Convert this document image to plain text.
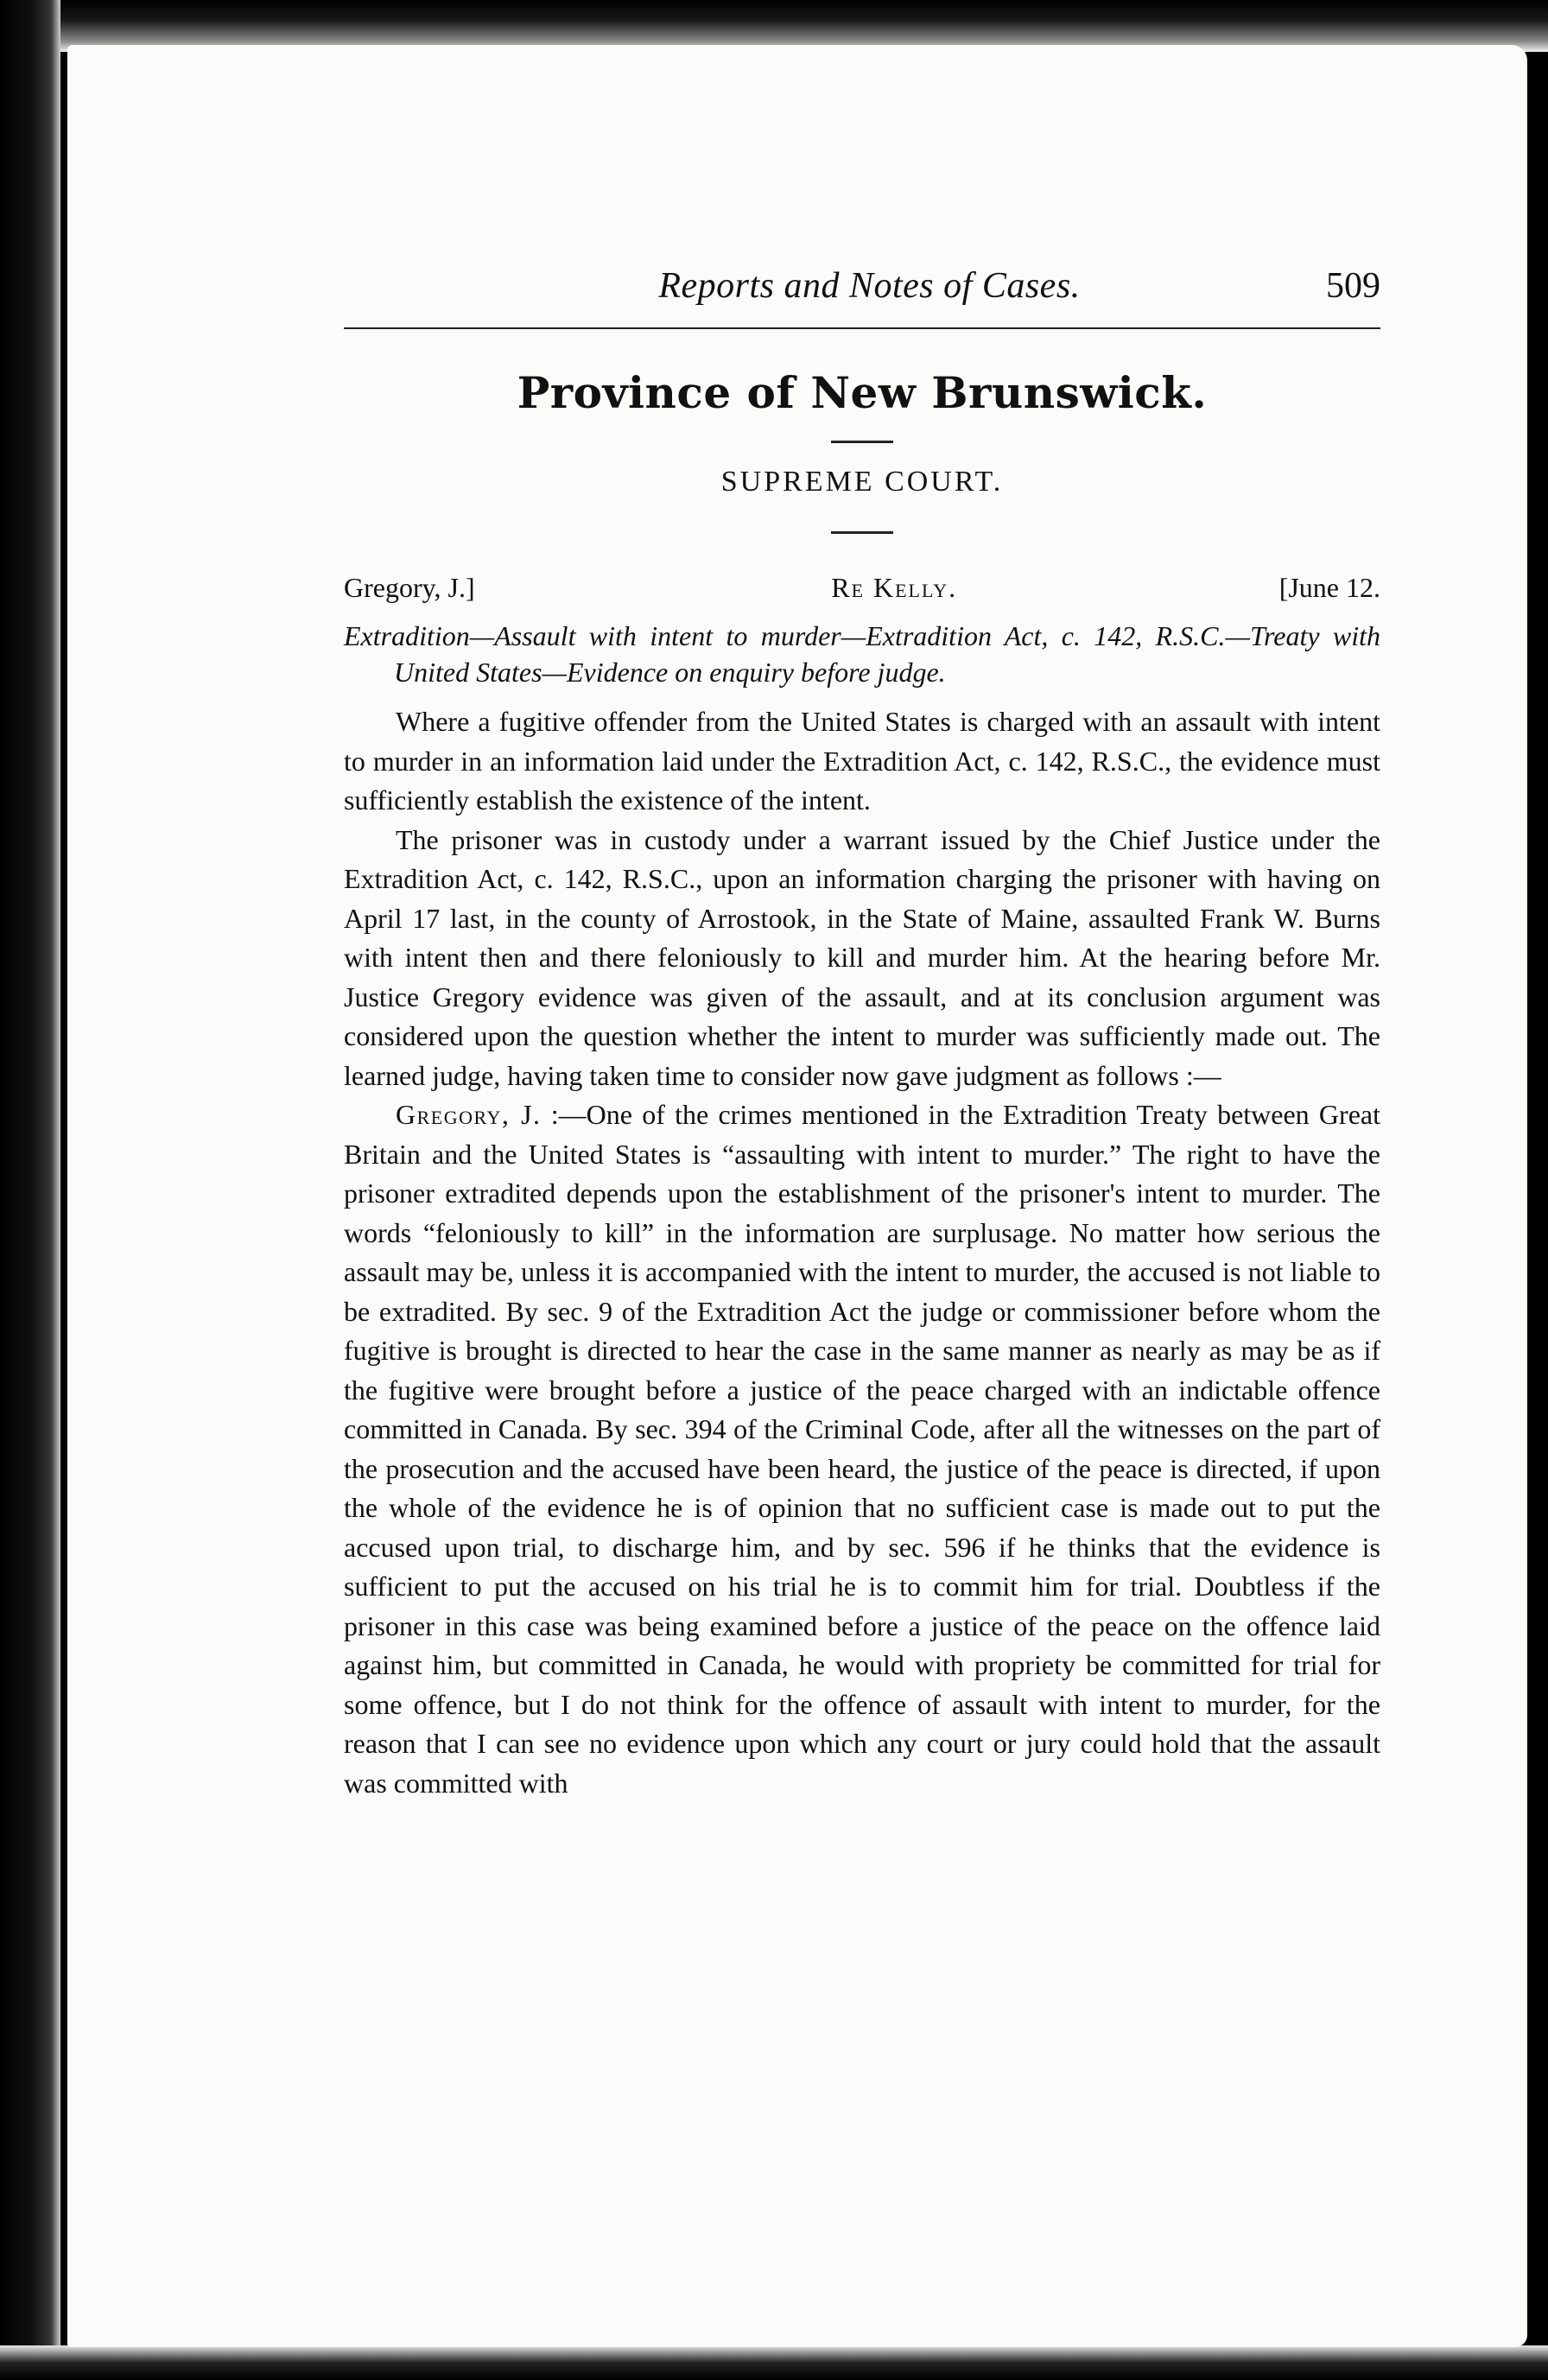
Reports and Notes of Cases.	509
Province of New Brunswick.
SUPREME COURT.
Gregory, J.]	Re Kelly.	[June 12.
Extradition—Assault with intent to murder—Extradition Act, c. 142, R.S.C.—Treaty with United States—Evidence on enquiry before judge.

Where a fugitive offender from the United States is charged with an assault with intent to murder in an information laid under the Extradition Act, c. 142, R.S.C., the evidence must sufficiently establish the existence of the intent.

The prisoner was in custody under a warrant issued by the Chief Justice under the Extradition Act, c. 142, R.S.C., upon an information charging the prisoner with having on April 17 last, in the county of Arrostook, in the State of Maine, assaulted Frank W. Burns with intent then and there feloniously to kill and murder him. At the hearing before Mr. Justice Gregory evidence was given of the assault, and at its conclusion argument was considered upon the question whether the intent to murder was sufficiently made out. The learned judge, having taken time to consider now gave judgment as follows :—

Gregory, J. :—One of the crimes mentioned in the Extradition Treaty between Great Britain and the United States is “assaulting with intent to murder.” The right to have the prisoner extradited depends upon the establishment of the prisoner's intent to murder. The words “feloniously to kill” in the information are surplusage. No matter how serious the assault may be, unless it is accompanied with the intent to murder, the accused is not liable to be extradited. By sec. 9 of the Extradition Act the judge or commissioner before whom the fugitive is brought is directed to hear the case in the same manner as nearly as may be as if the fugitive were brought before a justice of the peace charged with an indictable offence committed in Canada. By sec. 394 of the Criminal Code, after all the witnesses on the part of the prosecution and the accused have been heard, the justice of the peace is directed, if upon the whole of the evidence he is of opinion that no sufficient case is made out to put the accused upon trial, to discharge him, and by sec. 596 if he thinks that the evidence is sufficient to put the accused on his trial he is to commit him for trial. Doubtless if the prisoner in this case was being examined before a justice of the peace on the offence laid against him, but committed in Canada, he would with propriety be committed for trial for some offence, but I do not think for the offence of assault with intent to murder, for the reason that I can see no evidence upon which any court or jury could hold that the assault was committed with
